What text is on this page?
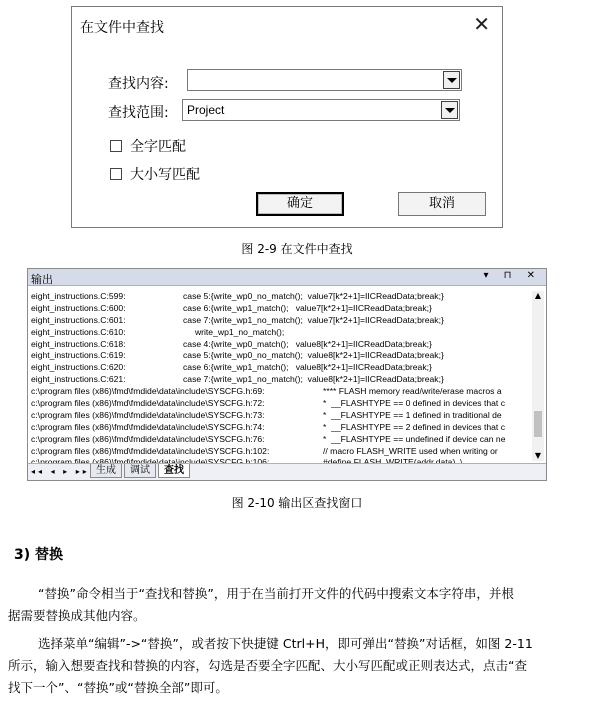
在文件中查找	✕
查找内容:
查找范围: Project
全字匹配
大小写匹配
确定	取消
图 2-9 在文件中查找
输出	▾ ⊓ ✕
eight_instructions.C:599:	case 5:{write_wp0_no_match();  value7[k*2+1]=IICReadData;break;}
eight_instructions.C:600:	case 6:{write_wp1_match();   value7[k*2+1]=IICReadData;break;}
eight_instructions.C:601:	case 7:{write_wp1_no_match();  value7[k*2+1]=IICReadData;break;}
eight_instructions.C:610:	write_wp1_no_match();
eight_instructions.C:618:	case 4:{write_wp0_match();   value8[k*2+1]=IICReadData;break;}
eight_instructions.C:619:	case 5:{write_wp0_no_match();  value8[k*2+1]=IICReadData;break;}
eight_instructions.C:620:	case 6:{write_wp1_match();   value8[k*2+1]=IICReadData;break;}
eight_instructions.C:621:	case 7:{write_wp1_no_match();  value8[k*2+1]=IICReadData;break;}
c:\program files (x86)\fmd\fmdide\data\include\SYSCFG.h:69:	**** FLASH memory read/write/erase macros a
c:\program files (x86)\fmd\fmdide\data\include\SYSCFG.h:72:	*  __FLASHTYPE == 0 defined in devices that c
c:\program files (x86)\fmd\fmdide\data\include\SYSCFG.h:73:	*  __FLASHTYPE == 1 defined in traditional de
c:\program files (x86)\fmd\fmdide\data\include\SYSCFG.h:74:	*  __FLASHTYPE == 2 defined in devices that c
c:\program files (x86)\fmd\fmdide\data\include\SYSCFG.h:76:	*  __FLASHTYPE == undefined if device can ne
c:\program files (x86)\fmd\fmdide\data\include\SYSCFG.h:102:	// macro FLASH_WRITE used when writing or
▲
▼
◂◂ ◂ ▸ ▸▸ 生成	调试	查找
图 2-10 输出区查找窗口
3) 替换
“替换”命令相当于“查找和替换”，用于在当前打开文件的代码中搜索文本字符串，并根
据需要替换成其他内容。
选择菜单“编辑”->“替换”，或者按下快捷键 Ctrl+H，即可弹出“替换”对话框，如图 2-11
所示，输入想要查找和替换的内容，勾选是否要全字匹配、大小写匹配或正则表达式，点击“查
找下一个”、“替换”或“替换全部”即可。
